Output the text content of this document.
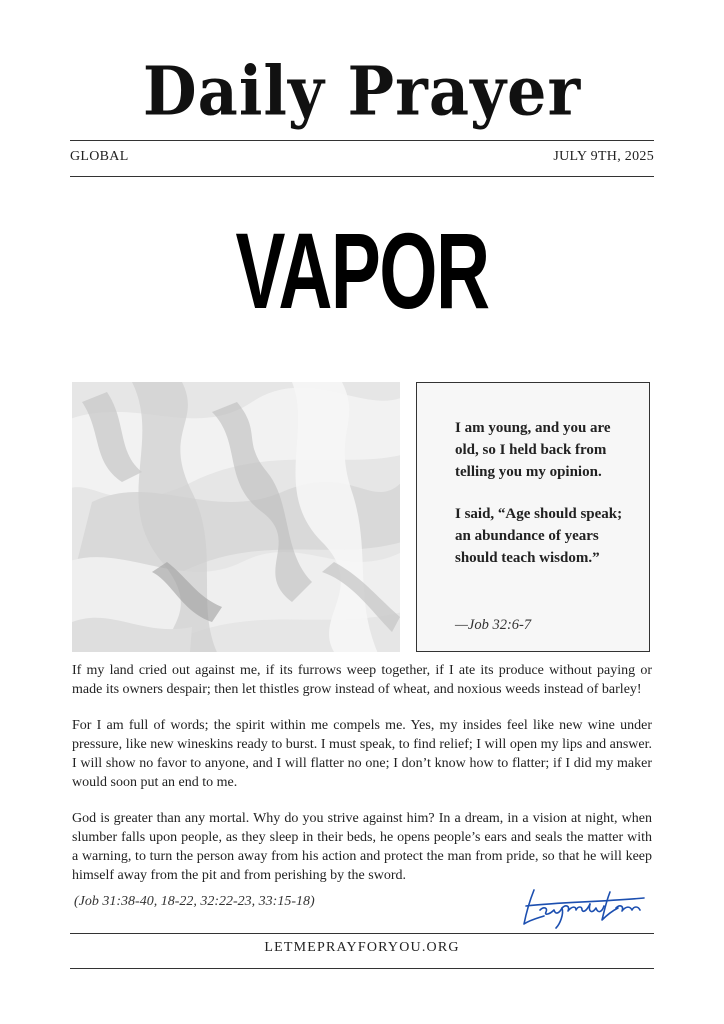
Daily Prayer
GLOBAL	JULY 9TH, 2025
VAPOR

I am young, and you are old, so I held back from telling you my opinion.

I said, “Age should speak; an abundance of years should teach wisdom.”

—Job 32:6-7

If my land cried out against me, if its furrows weep together, if I ate its produce without paying or made its owners despair; then let thistles grow instead of wheat, and noxious weeds instead of barley!

For I am full of words; the spirit within me compels me. Yes, my insides feel like new wine under pressure, like new wineskins ready to burst. I must speak, to find relief; I will open my lips and answer. I will show no favor to anyone, and I will flatter no one; I don’t know how to flatter; if I did my maker would soon put an end to me.

God is greater than any mortal. Why do you strive against him? In a dream, in a vision at night, when slumber falls upon people, as they sleep in their beds, he opens people’s ears and seals the matter with a warning, to turn the person away from his action and protect the man from pride, so that he will keep himself away from the pit and from perishing by the sword.

(Job 31:38-40, 18-22, 32:22-23, 33:15-18)
LETMEPRAYFORYOU.ORG
